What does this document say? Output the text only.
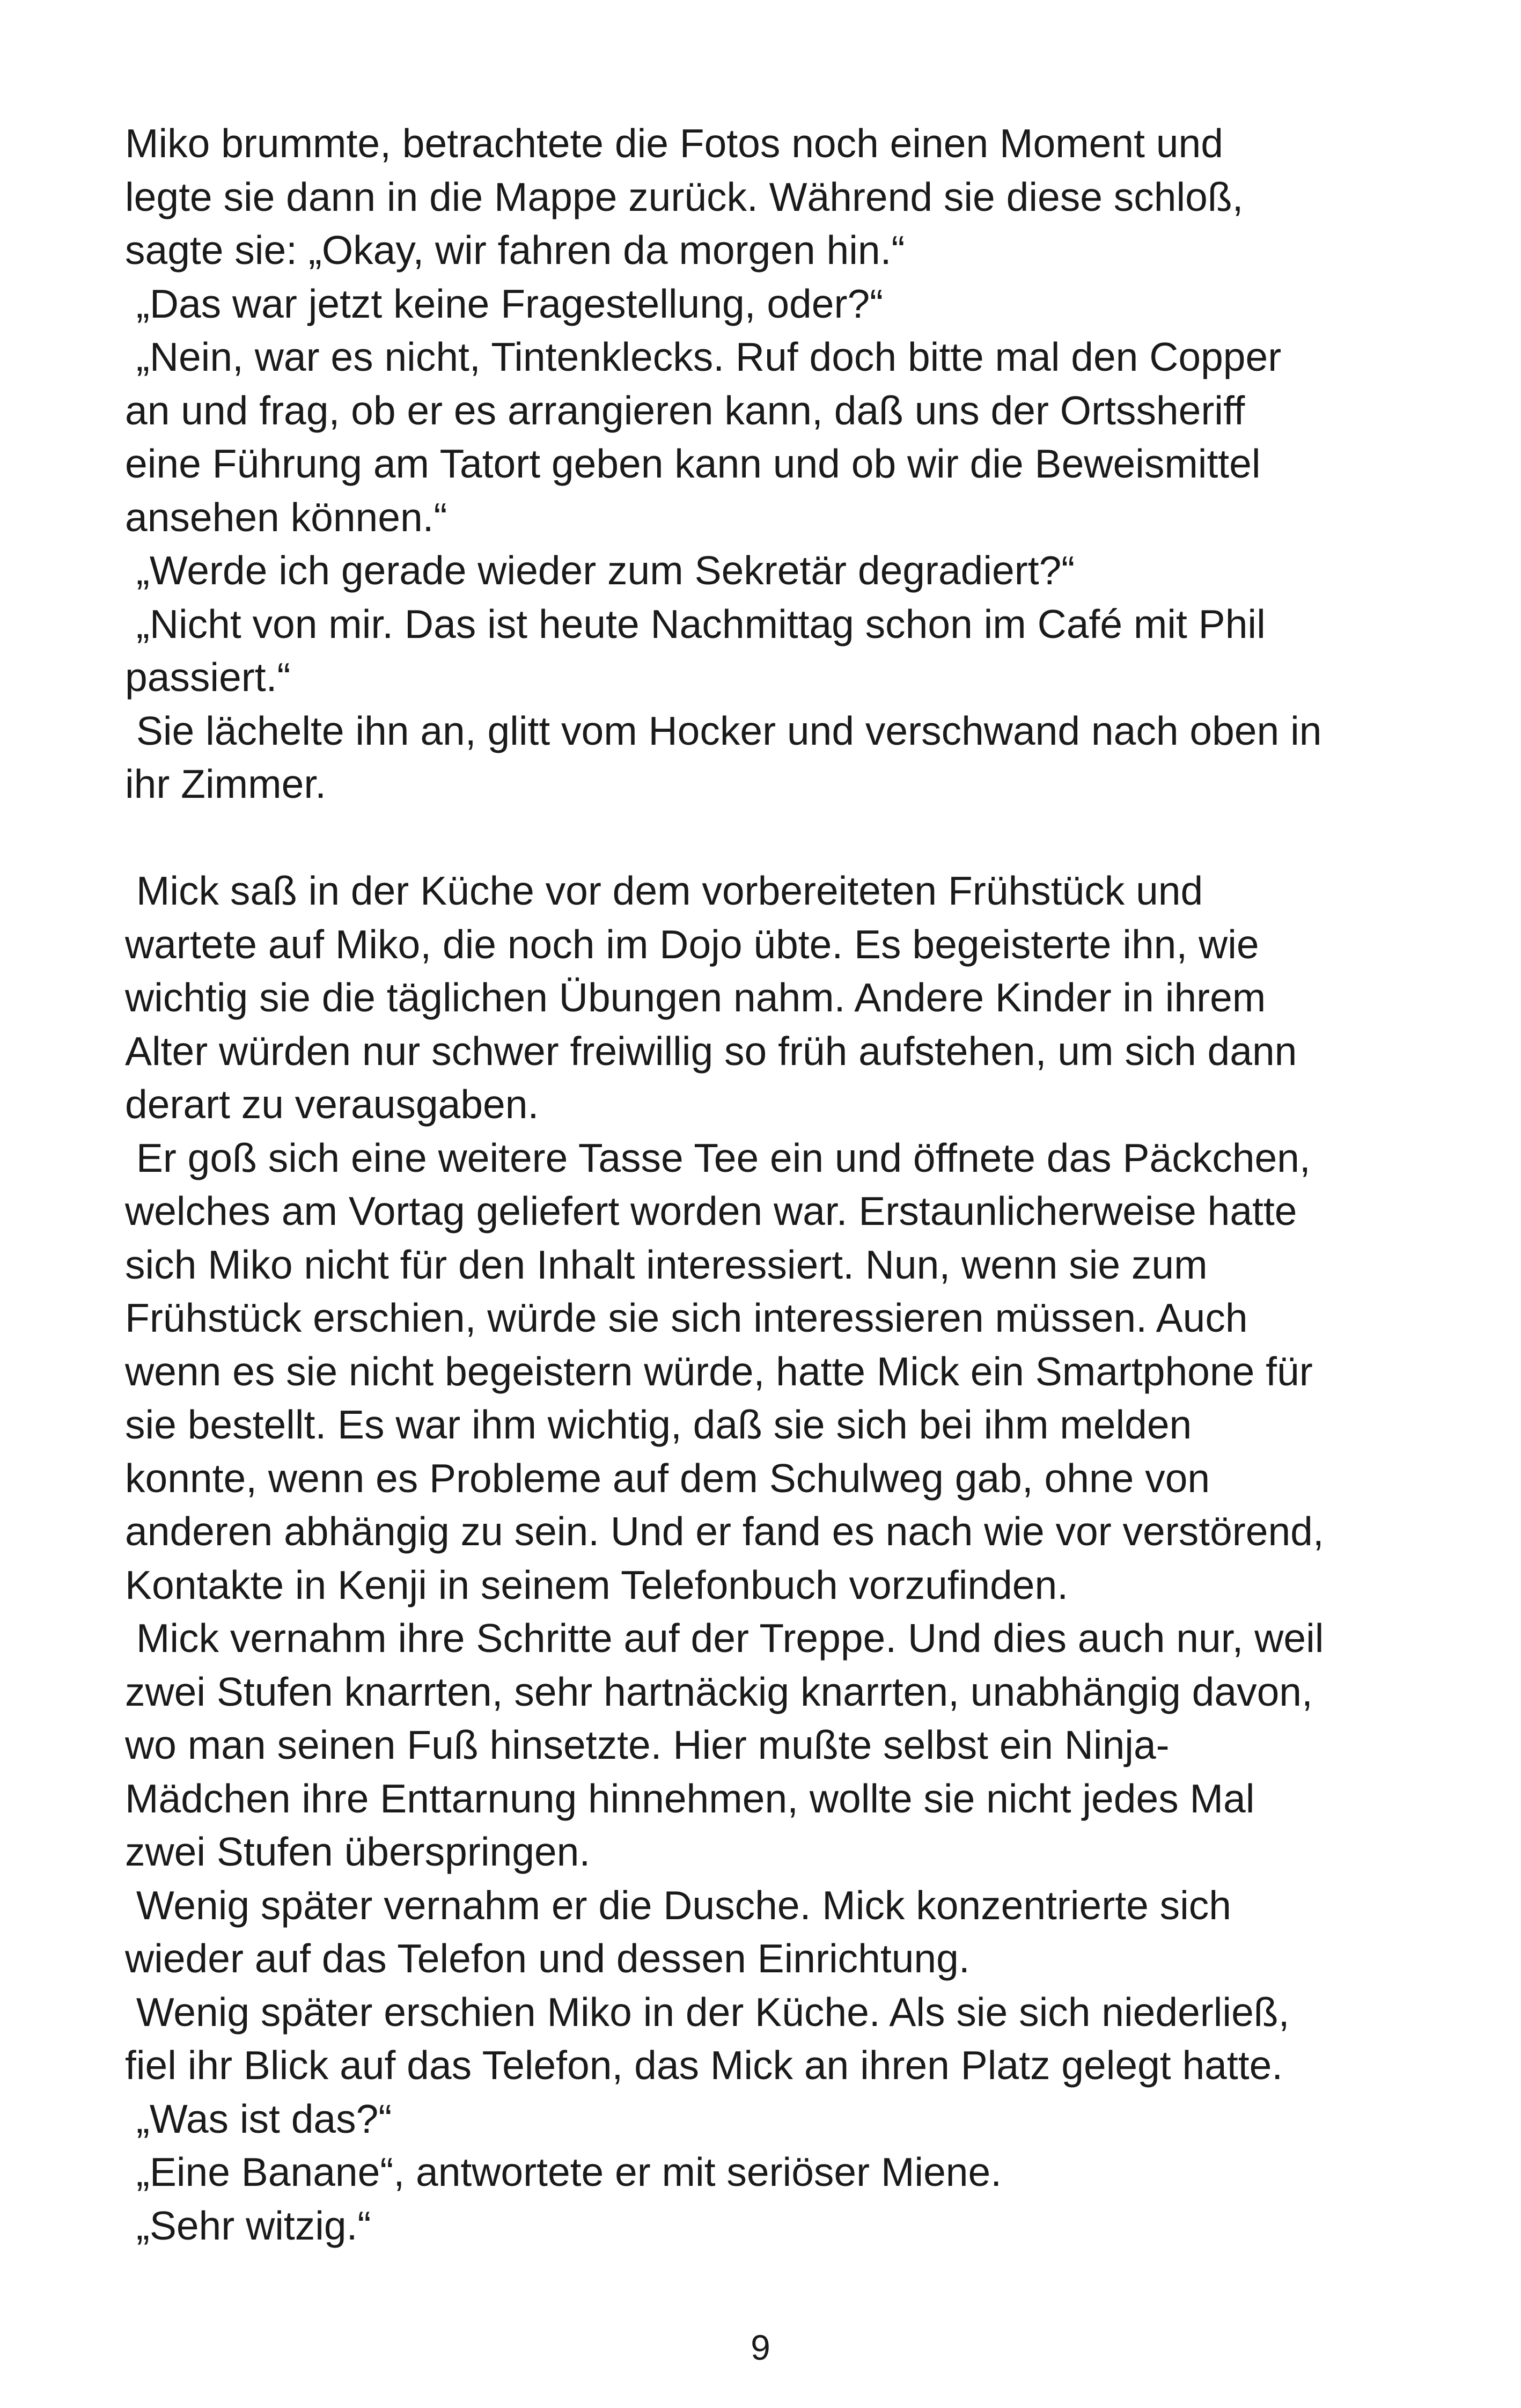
Miko brummte, betrachtete die Fotos noch einen Moment und
legte sie dann in die Mappe zurück. Während sie diese schloß,
sagte sie: „Okay, wir fahren da morgen hin.“
„Das war jetzt keine Fragestellung, oder?“
„Nein, war es nicht, Tintenklecks. Ruf doch bitte mal den Copper
an und frag, ob er es arrangieren kann, daß uns der Ortssheriff
eine Führung am Tatort geben kann und ob wir die Beweismittel
ansehen können.“
„Werde ich gerade wieder zum Sekretär degradiert?“
„Nicht von mir. Das ist heute Nachmittag schon im Café mit Phil
passiert.“
Sie lächelte ihn an, glitt vom Hocker und verschwand nach oben in
ihr Zimmer.
Mick saß in der Küche vor dem vorbereiteten Frühstück und
wartete auf Miko, die noch im Dojo übte. Es begeisterte ihn, wie
wichtig sie die täglichen Übungen nahm. Andere Kinder in ihrem
Alter würden nur schwer freiwillig so früh aufstehen, um sich dann
derart zu verausgaben.
Er goß sich eine weitere Tasse Tee ein und öffnete das Päckchen,
welches am Vortag geliefert worden war. Erstaunlicherweise hatte
sich Miko nicht für den Inhalt interessiert. Nun, wenn sie zum
Frühstück erschien, würde sie sich interessieren müssen. Auch
wenn es sie nicht begeistern würde, hatte Mick ein Smartphone für
sie bestellt. Es war ihm wichtig, daß sie sich bei ihm melden
konnte, wenn es Probleme auf dem Schulweg gab, ohne von
anderen abhängig zu sein. Und er fand es nach wie vor verstörend,
Kontakte in Kenji in seinem Telefonbuch vorzufinden.
Mick vernahm ihre Schritte auf der Treppe. Und dies auch nur, weil
zwei Stufen knarrten, sehr hartnäckig knarrten, unabhängig davon,
wo man seinen Fuß hinsetzte. Hier mußte selbst ein Ninja-
Mädchen ihre Enttarnung hinnehmen, wollte sie nicht jedes Mal
zwei Stufen überspringen.
Wenig später vernahm er die Dusche. Mick konzentrierte sich
wieder auf das Telefon und dessen Einrichtung.
Wenig später erschien Miko in der Küche. Als sie sich niederließ,
fiel ihr Blick auf das Telefon, das Mick an ihren Platz gelegt hatte.
„Was ist das?“
„Eine Banane“, antwortete er mit seriöser Miene.
„Sehr witzig.“
9
